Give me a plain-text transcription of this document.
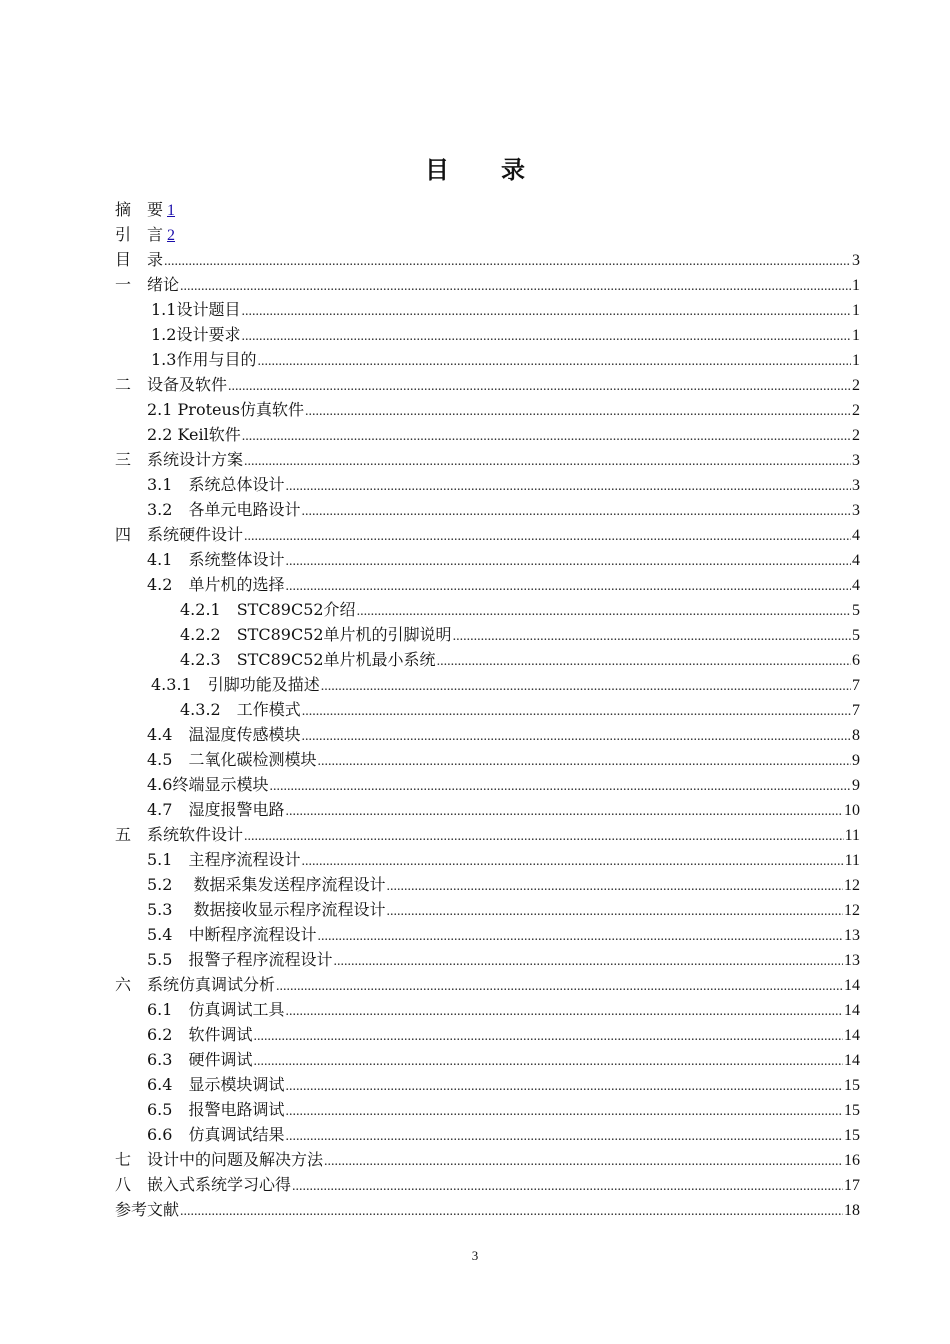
目　录
摘　要 1
引　言 2
目　录 .....	3
一　绪论 .....	1
1.1设计题目 .....	1
1.2设计要求 .....	1
1.3作用与目的 .....	1
二　设备及软件 .....	2
2.1 Proteus仿真软件 .....	2
2.2 Keil软件 .....	2
三　系统设计方案 .....	3
3.1　系统总体设计 .....	3
3.2　各单元电路设计 .....	3
四　系统硬件设计 .....	4
4.1　系统整体设计 .....	4
4.2　单片机的选择 .....	4
4.2.1　STC89C52介绍 .....	5
4.2.2　STC89C52单片机的引脚说明 .....	5
4.2.3　STC89C52单片机最小系统 .....	6
4.3.1　引脚功能及描述 .....	7
4.3.2　工作模式 .....	7
4.4　温湿度传感模块 .....	8
4.5　二氧化碳检测模块 .....	9
4.6终端显示模块 .....	9
4.7　湿度报警电路 .....	10
五　系统软件设计 .....	11
5.1　主程序流程设计 .....	11
5.2　 数据采集发送程序流程设计 .....	12
5.3　 数据接收显示程序流程设计 .....	12
5.4　中断程序流程设计 .....	13
5.5　报警子程序流程设计 .....	13
六　系统仿真调试分析 .....	14
6.1　仿真调试工具 .....	14
6.2　软件调试 .....	14
6.3　硬件调试 .....	14
6.4　显示模块调试 .....	15
6.5　报警电路调试 .....	15
6.6　仿真调试结果 .....	15
七　设计中的问题及解决方法 .....	16
八　嵌入式系统学习心得 .....	17
参考文献 .....	18
3
